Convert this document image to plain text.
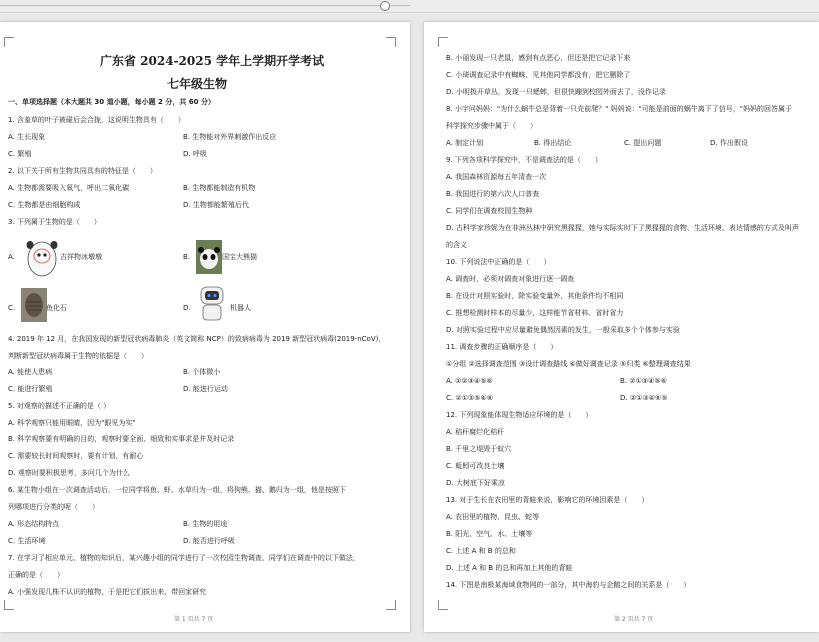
广东省 2024-2025 学年上学期开学考试
七年级生物
一、单项选择题（本大题共 30 道小题，每小题 2 分，共 60 分）
1. 含羞草的叶子被碰后会合拢，这说明生物具有（　　）
A. 生长现象	B. 生物能对外界刺激作出反应
C. 繁殖	D. 呼吸
2. 以下关于所有生物共同具有的特征是（　　）
A. 生物都需要吸入氧气，呼出二氧化碳	B. 生物都能制造有机物
C. 生物都是由细胞构成	D. 生物都能繁殖后代
3. 下列属于生物的是（　　）
A.	吉祥物冰墩墩	B.	国宝大熊猫
C.	鱼化石	D.	机器人
4. 2019 年 12 月，在我国发现的新型冠状病毒肺炎（英文简称 NCP）的致病病毒为 2019 新型冠状病毒(2019-nCoV)，
判断新型冠状病毒属于生物的依据是（　　）
A. 能使人患病	B. 个体微小
C. 能进行繁殖	D. 能进行运动
5. 对观察的描述不正确的是（ ）
A. 科学观察只能用眼睛，因为"眼见为实"
B. 科学观察要有明确的目的，观察时要全面、细致和实事求是并及时记录
C. 需要较长时间观察时，要有计划、有耐心
D. 观察时要积极思考，多问几个为什么
6. 某生物小组在一次调查活动后，一位同学将鱼、虾、水草归为一组，将狗熊、猫、鹅归为一组，他是按照下
列哪项进行分类的呢（　　）
A. 形态结构特点	B. 生物的用途
C. 生活环境	D. 能否进行呼吸
7. 在学习了相应单元、植物的知识后，某兴趣小组的同学进行了一次校园生物调查，同学们在调查中的以下做法，
正确的是（　　）
A. 小强发现几株不认识的植物，于是把它们拔出来，带回家研究
第 1 页共 7 页
B. 小丽发现一只老鼠，感到有点恶心，但还是把它记录下来
C. 小琦调查记录中有蜘蛛，见其他同学都没有，把它删除了
D. 小明拨开草丛，发现一只蟋蟀，但很快蹦到校园外面去了，没作记录
8. 小宇问妈妈："为什么蜗牛总是背着一只壳前爬？" 妈妈说："可能是前面的蜗牛离下了信号，"妈妈的回答属于
科学探究步骤中属于（　　）
A. 制定计划	B. 得出结论	C. 提出问题	D. 作出假设
9. 下列各项科学探究中，不是调查法的是（　　）
A. 我国森林资源每五年清查一次
B. 我国进行的第六次人口普查
C. 同学们在调查校园生物种
D. 古科学家珍妮为在非洲丛林中研究黑猩猩，她与实际实时下了黑猩猩的食物、生活环境、表达情感的方式及叫声
的含义
10. 下列说法中正确的是（　　）
A. 调查时，必须对调查对象进行逐一调查
B. 在设计对照实验时，除实验变量外，其他条件均不相同
C. 推想检测时样本的尽量少，这样能节省材料、省时省力
D. 对照实验过程中应尽量避免偶然因素的发生，一般采取多个个体参与实验
11. 调查步骤的正确顺序是（　　）
①分组 ②选择调查范围 ③设计调查路线 ④做好调查记录 ⑤归类 ⑥整理调查结果
A. ①②③④⑤⑥	B. ②①③④⑤⑥
C. ②①③⑤④⑥	D. ②①③④⑥⑤
12. 下列现象能体现生物适应环境的是（　　）
A. 秸秆腐烂化秸秆
B. 千里之堤毁于蚁穴
C. 蚯蚓可改良土壤
D. 大树底下好乘凉
13. 对于生长在农田里的青蛙来说，影响它的环境因素是（　　）
A. 农田里的植物、昆虫、蛇等
B. 阳光、空气、水、土壤等
C. 上述 A 和 B 的总和
D. 上述 A 和 B 的总和再加上其他的青蛙
14. 下图是南极某海域食物网的一部分，其中海豹与企鹅之间的关系是（　　）
第 2 页共 7 页
